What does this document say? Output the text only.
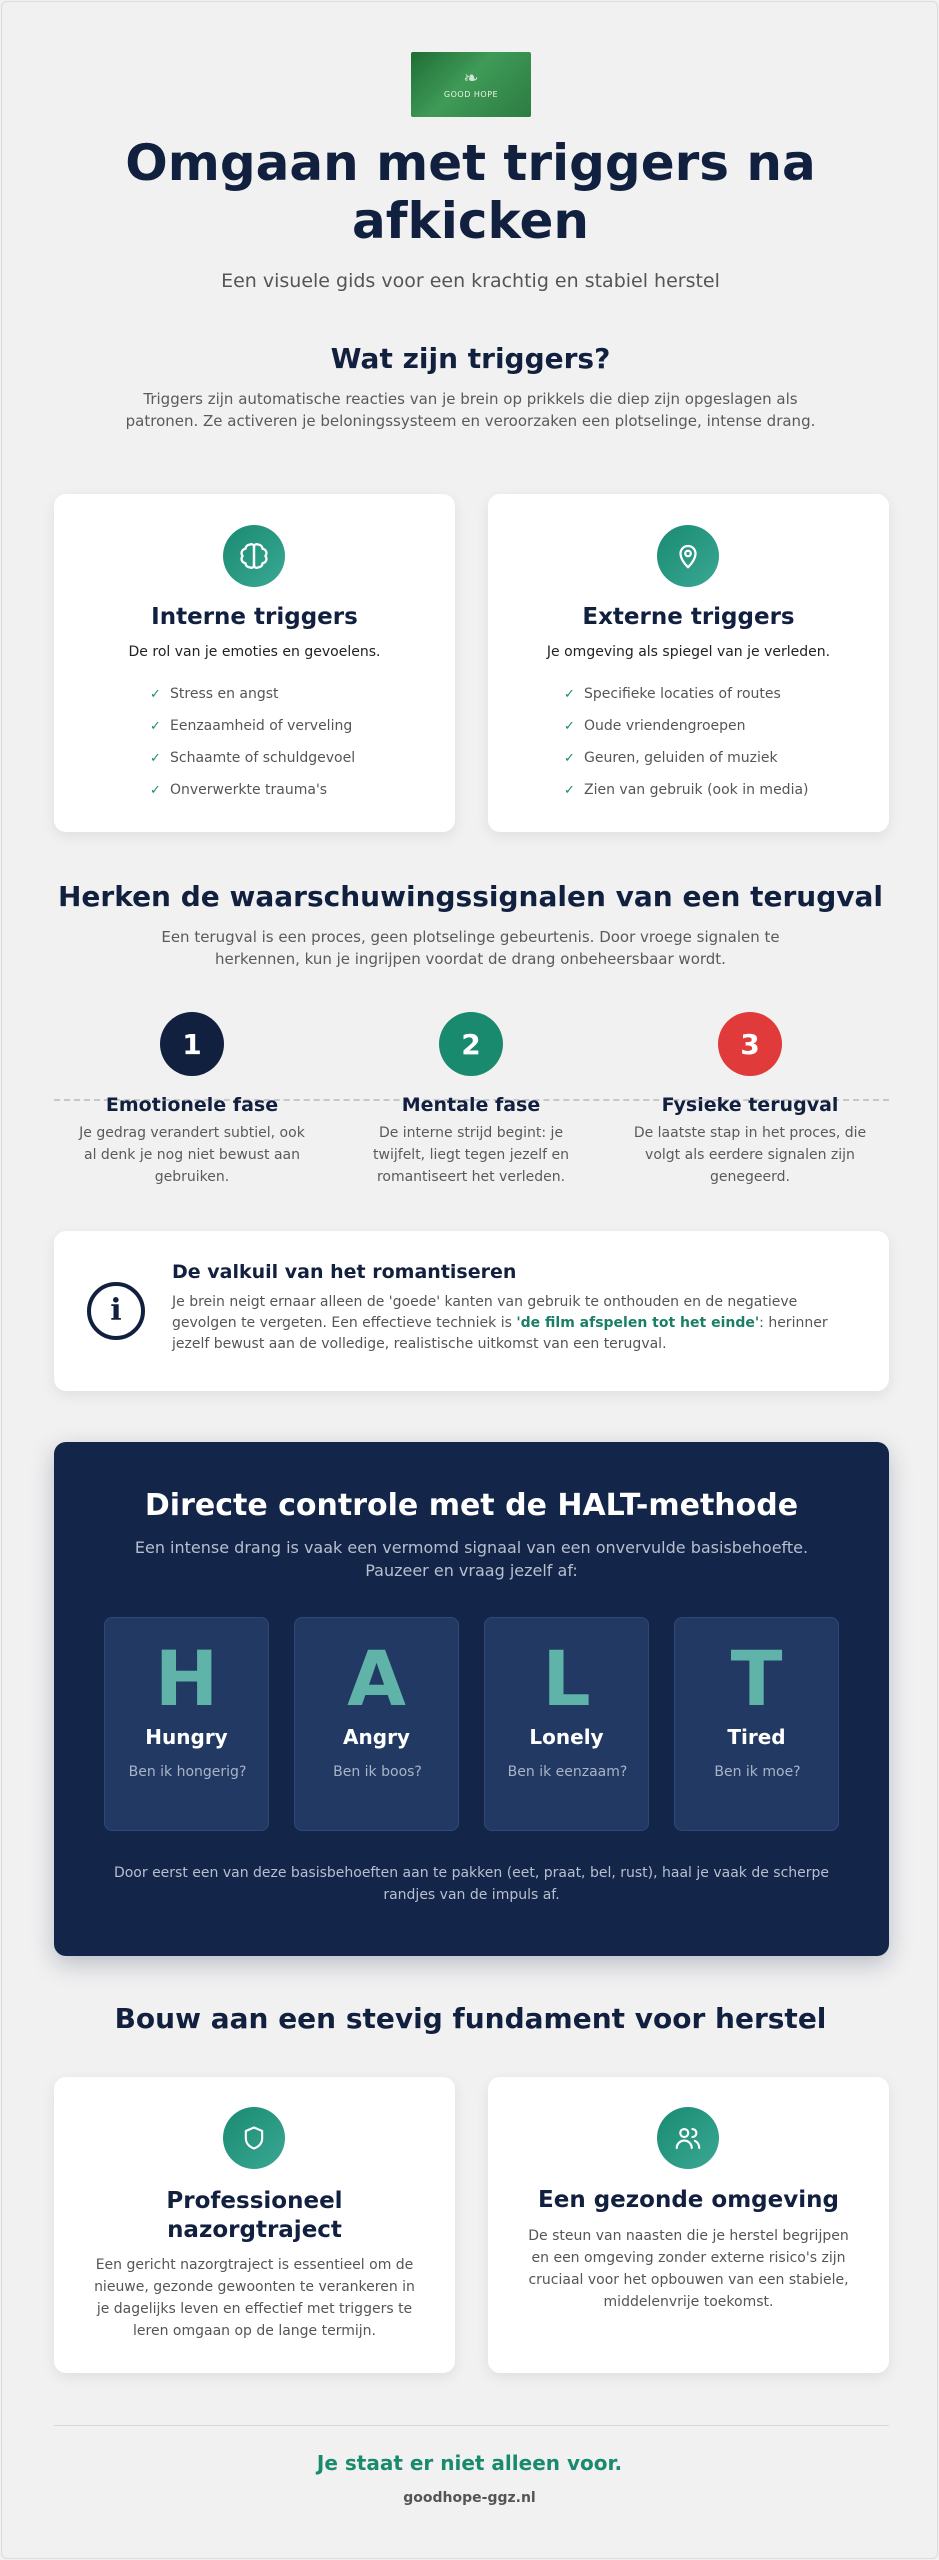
❧
GOOD HOPE
Omgaan met triggers na afkicken

Een visuele gids voor een krachtig en stabiel herstel

Wat zijn triggers?

Triggers zijn automatische reacties van je brein op prikkels die diep zijn opgeslagen als patronen. Ze activeren je beloningssysteem en veroorzaken een plotselinge, intense drang.

Interne triggers
De rol van je emoties en gevoelens.
✓ Stress en angst
✓ Eenzaamheid of verveling
✓ Schaamte of schuldgevoel
✓ Onverwerkte trauma's
Externe triggers
Je omgeving als spiegel van je verleden.
✓ Specifieke locaties of routes
✓ Oude vriendengroepen
✓ Geuren, geluiden of muziek
✓ Zien van gebruik (ook in media)
Herken de waarschuwingssignalen van een terugval

Een terugval is een proces, geen plotselinge gebeurtenis. Door vroege signalen te herkennen, kun je ingrijpen voordat de drang onbeheersbaar wordt.

1
Emotionele fase
Je gedrag verandert subtiel, ook al denk je nog niet bewust aan gebruiken.
2
Mentale fase
De interne strijd begint: je twijfelt, liegt tegen jezelf en romantiseert het verleden.
3
Fysieke terugval
De laatste stap in het proces, die volgt als eerdere signalen zijn genegeerd.
i
De valkuil van het romantiseren

Je brein neigt ernaar alleen de 'goede' kanten van gebruik te onthouden en de negatieve gevolgen te vergeten. Een effectieve techniek is 'de film afspelen tot het einde': herinner jezelf bewust aan de volledige, realistische uitkomst van een terugval.

Directe controle met de HALT-methode
Een intense drang is vaak een vermomd signaal van een onvervulde basisbehoefte. Pauzeer en vraag jezelf af:
H
Hungry
Ben ik hongerig?
A
Angry
Ben ik boos?
L
Lonely
Ben ik eenzaam?
T
Tired
Ben ik moe?
Door eerst een van deze basisbehoeften aan te pakken (eet, praat, bel, rust), haal je vaak de scherpe randjes van de impuls af.
Bouw aan een stevig fundament voor herstel
Professioneel nazorgtraject
Een gericht nazorgtraject is essentieel om de nieuwe, gezonde gewoonten te verankeren in je dagelijks leven en effectief met triggers te leren omgaan op de lange termijn.
Een gezonde omgeving
De steun van naasten die je herstel begrijpen en een omgeving zonder externe risico's zijn cruciaal voor het opbouwen van een stabiele, middelenvrije toekomst.
Je staat er niet alleen voor.
goodhope-ggz.nl
